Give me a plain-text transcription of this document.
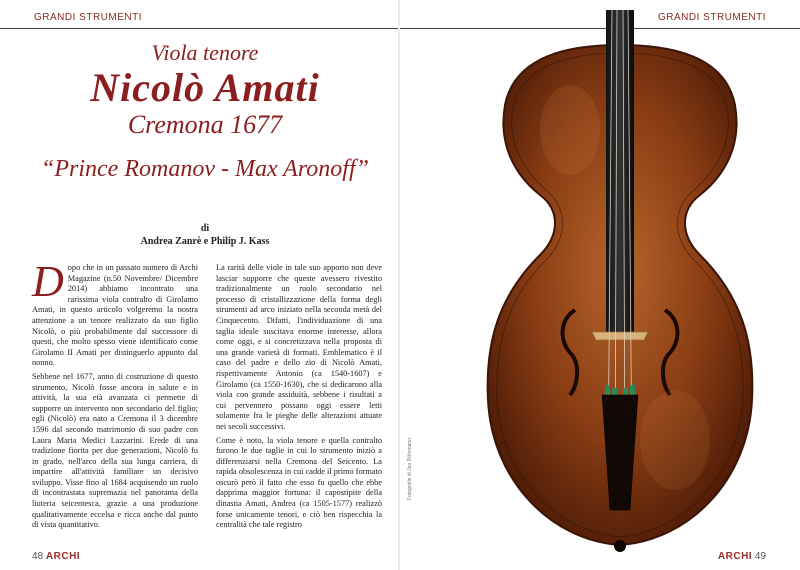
GRANDI STRUMENTI
Viola tenore
Nicolò Amati
Cremona 1677
“Prince Romanov - Max Aronoff”
di
Andrea Zanrè e Philip J. Kass

Dopo che in un passato numero di Archi Magazine (n.50 Novembre/ Dicembre 2014) abbiamo incontrato una rarissima viola contralto di Girolamo Amati, in questo articolo volgeremo la nostra attenzione a un tenore realizzato da suo figlio Nicolò, o più probabilmente dal successore di questi, che molto spesso viene identificato come Girolamo II Amati per distinguerlo appunto dal nonno.

Sebbene nel 1677, anno di costruzione di questo strumento, Nicolò fosse ancora in salute e in attività, la sua età avanzata ci permette di supporre un intervento non secondario del figlio; egli (Nicolò) era nato a Cremona il 3 dicembre 1596 dal secondo matrimonio di suo padre con Laura Maria Medici Lazzarini. Erede di una tradizione fiorita per due generazioni, Nicolò fu in grado, nell'arco della sua lunga carriera, di impartire all'attività familiare un decisivo sviluppo. Visse fino al 1684 acquisendo un ruolo di incontrastata supremazia nel panorama della liuteria seicentesca, grazie a una produzione qualitativamente eccelsa e ricca anche dal punto di vista quantitativo.

La rarità delle viole in tale suo apporto non deve lasciar supporre che queste avessero rivestito tradizionalmente un ruolo secondario nel processo di cristallizzazione della forma degli strumenti ad arco iniziato nella seconda metà del Cinquecento. Difatti, l'individuazione di una taglia ideale suscitava enorme interesse, allora come oggi, e si concretizzava nella proposta di una grande varietà di formati. Emblematico è il caso del padre e dello zio di Nicolò Amati, rispettivamente Antonio (ca 1540-1607) e Girolamo (ca 1550-1630), che si dedicarono alla viola con grande assiduità, sebbene i risultati a cui pervennero possano oggi essere letti solamente fra le pieghe delle alterazioni attuate nei secoli successivi.

Come è noto, la viola tenore e quella contralto furono le due taglie in cui lo strumento iniziò a differenziarsi nella Cremona del Seicento. La rapida obsolescenza in cui cadde il primo formato oscurò però il fatto che esso fu quello che ebbe dapprima maggior fortuna: il capostipite della dinastia Amati, Andrea (ca 1505-1577) realizzò forse unicamente tenori, e ciò ben rispecchia la centralità che tale registro

48 ARCHI
GRANDI STRUMENTI
ARCHI 49
Fotografie di Jan Röhrmann
